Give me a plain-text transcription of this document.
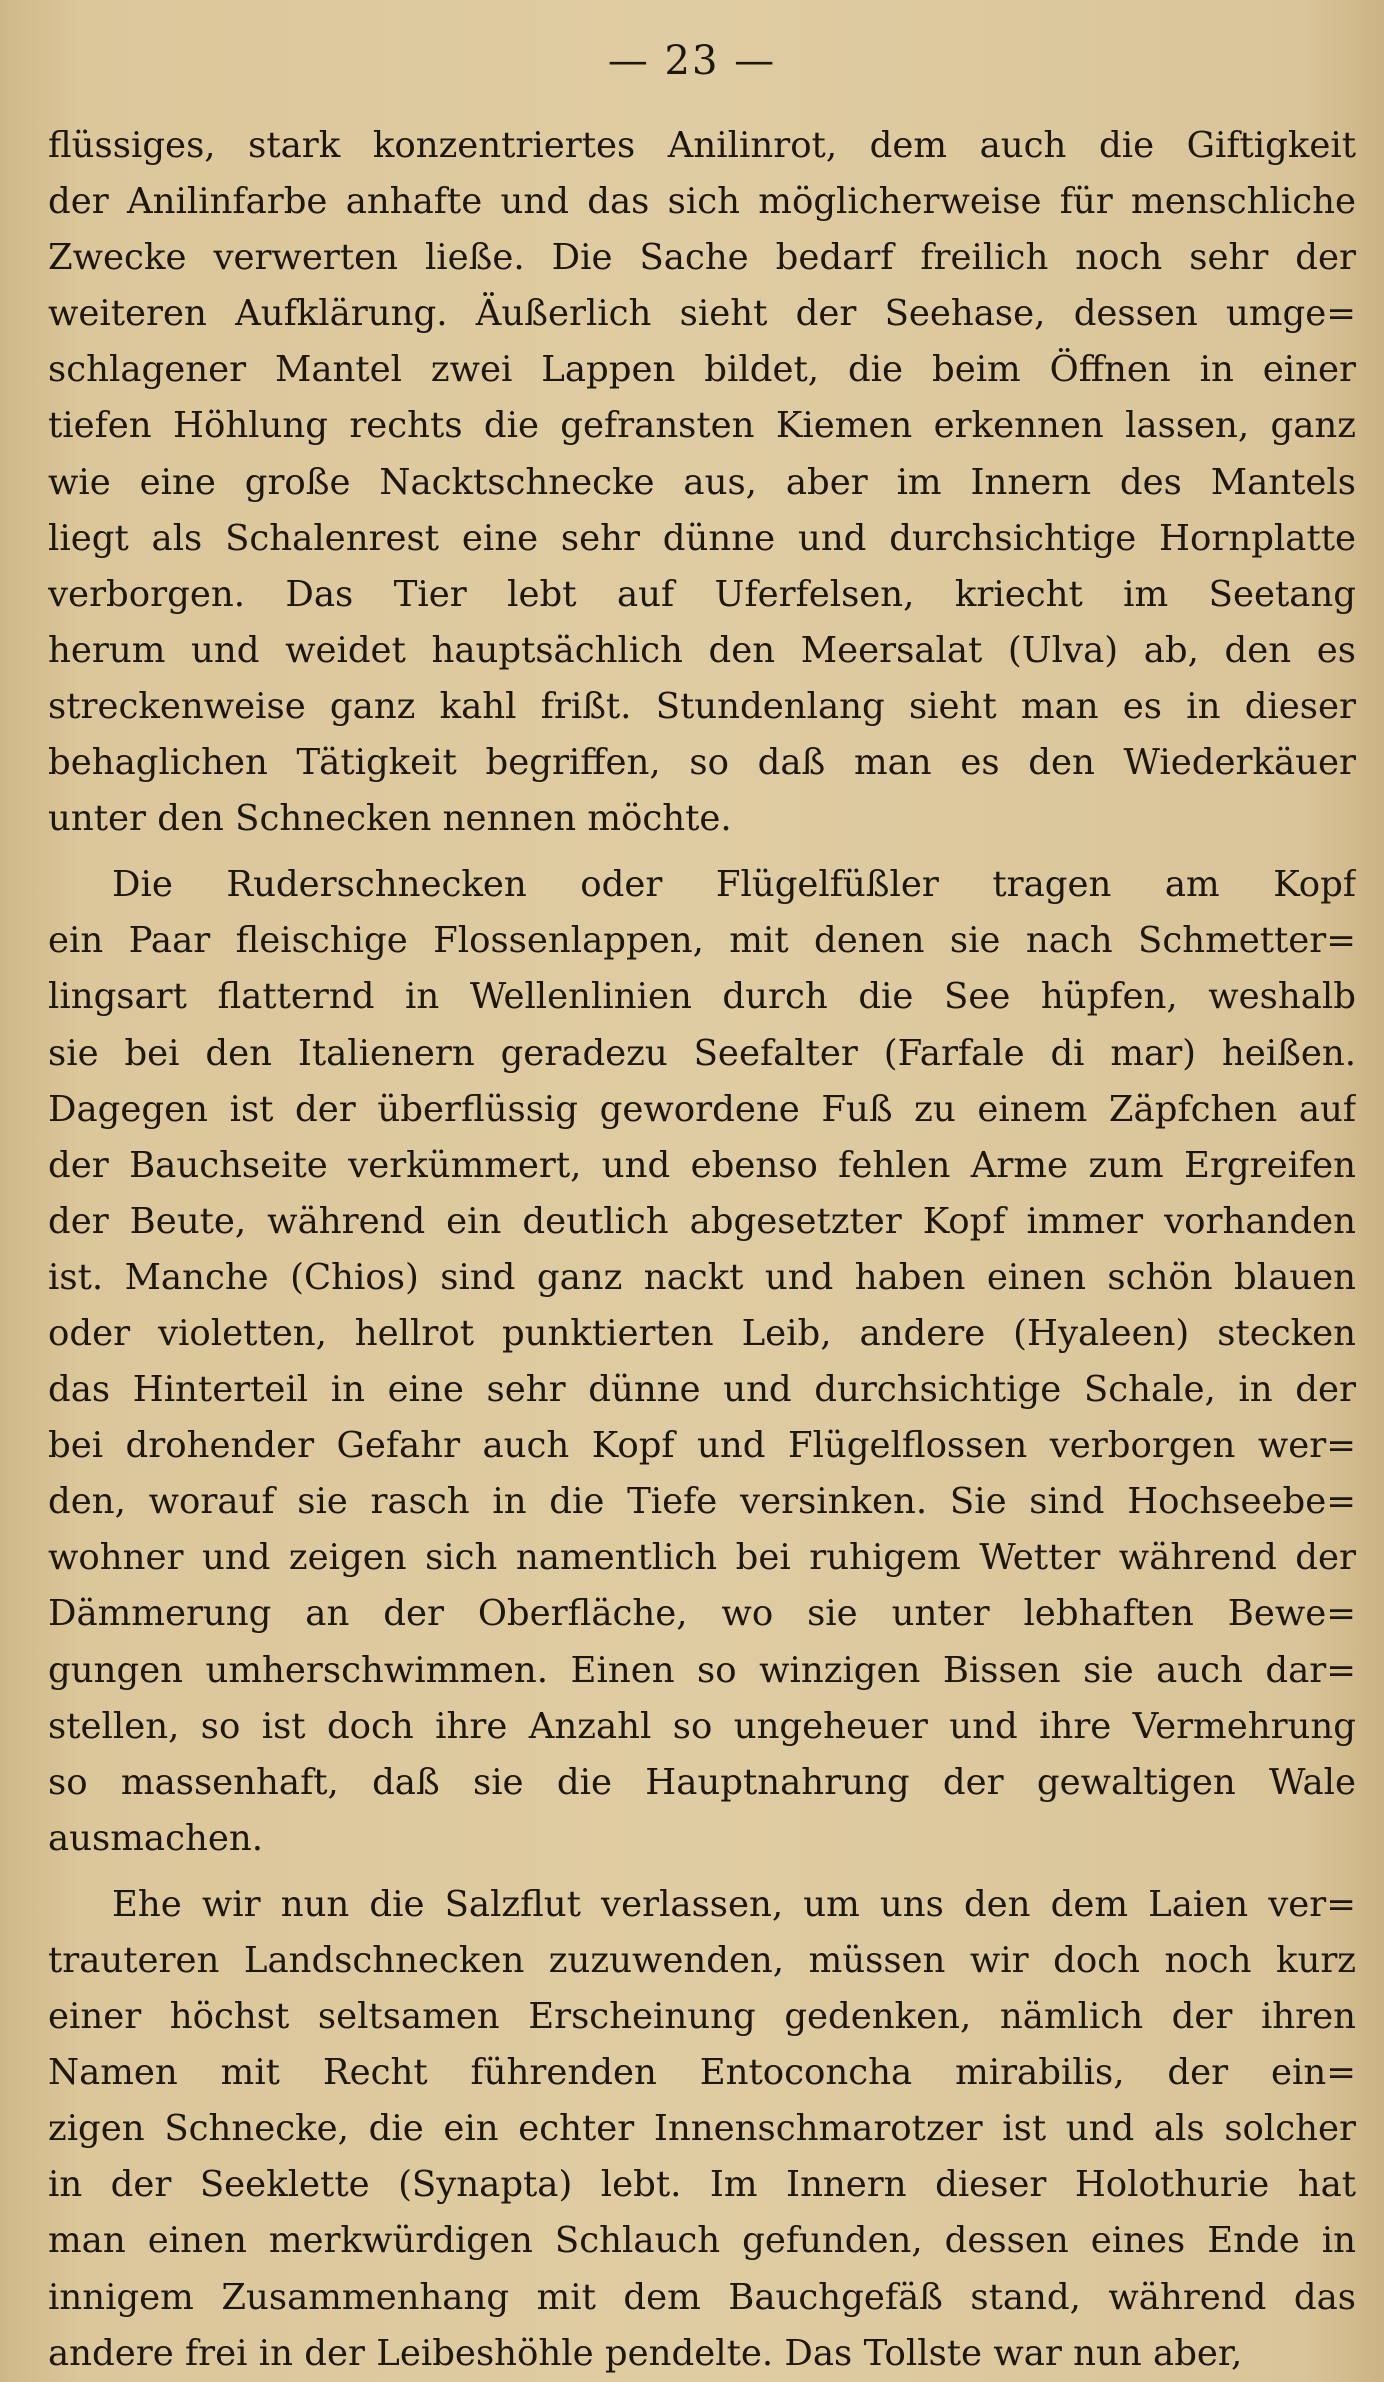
— 23 —
flüssiges, stark konzentriertes Anilinrot, dem auch die Giftigkeit
der Anilinfarbe anhafte und das sich möglicherweise für menschliche
Zwecke verwerten ließe. Die Sache bedarf freilich noch sehr der
weiteren Aufklärung. Äußerlich sieht der Seehase, dessen umge=
schlagener Mantel zwei Lappen bildet, die beim Öffnen in einer
tiefen Höhlung rechts die gefransten Kiemen erkennen lassen, ganz
wie eine große Nacktschnecke aus, aber im Innern des Mantels
liegt als Schalenrest eine sehr dünne und durchsichtige Hornplatte
verborgen. Das Tier lebt auf Uferfelsen, kriecht im Seetang
herum und weidet hauptsächlich den Meersalat (Ulva) ab, den es
streckenweise ganz kahl frißt. Stundenlang sieht man es in dieser
behaglichen Tätigkeit begriffen, so daß man es den Wiederkäuer
unter den Schnecken nennen möchte.
Die Ruderschnecken oder Flügelfüßler tragen am Kopf
ein Paar fleischige Flossenlappen, mit denen sie nach Schmetter=
lingsart flatternd in Wellenlinien durch die See hüpfen, weshalb
sie bei den Italienern geradezu Seefalter (Farfale di mar) heißen.
Dagegen ist der überflüssig gewordene Fuß zu einem Zäpfchen auf
der Bauchseite verkümmert, und ebenso fehlen Arme zum Ergreifen
der Beute, während ein deutlich abgesetzter Kopf immer vorhanden
ist. Manche (Chios) sind ganz nackt und haben einen schön blauen
oder violetten, hellrot punktierten Leib, andere (Hyaleen) stecken
das Hinterteil in eine sehr dünne und durchsichtige Schale, in der
bei drohender Gefahr auch Kopf und Flügelflossen verborgen wer=
den, worauf sie rasch in die Tiefe versinken. Sie sind Hochseebe=
wohner und zeigen sich namentlich bei ruhigem Wetter während der
Dämmerung an der Oberfläche, wo sie unter lebhaften Bewe=
gungen umherschwimmen. Einen so winzigen Bissen sie auch dar=
stellen, so ist doch ihre Anzahl so ungeheuer und ihre Vermehrung
so massenhaft, daß sie die Hauptnahrung der gewaltigen Wale
ausmachen.
Ehe wir nun die Salzflut verlassen, um uns den dem Laien ver=
trauteren Landschnecken zuzuwenden, müssen wir doch noch kurz
einer höchst seltsamen Erscheinung gedenken, nämlich der ihren
Namen mit Recht führenden Entoconcha mirabilis, der ein=
zigen Schnecke, die ein echter Innenschmarotzer ist und als solcher
in der Seeklette (Synapta) lebt. Im Innern dieser Holothurie hat
man einen merkwürdigen Schlauch gefunden, dessen eines Ende in
innigem Zusammenhang mit dem Bauchgefäß stand, während das
andere frei in der Leibeshöhle pendelte. Das Tollste war nun aber,
